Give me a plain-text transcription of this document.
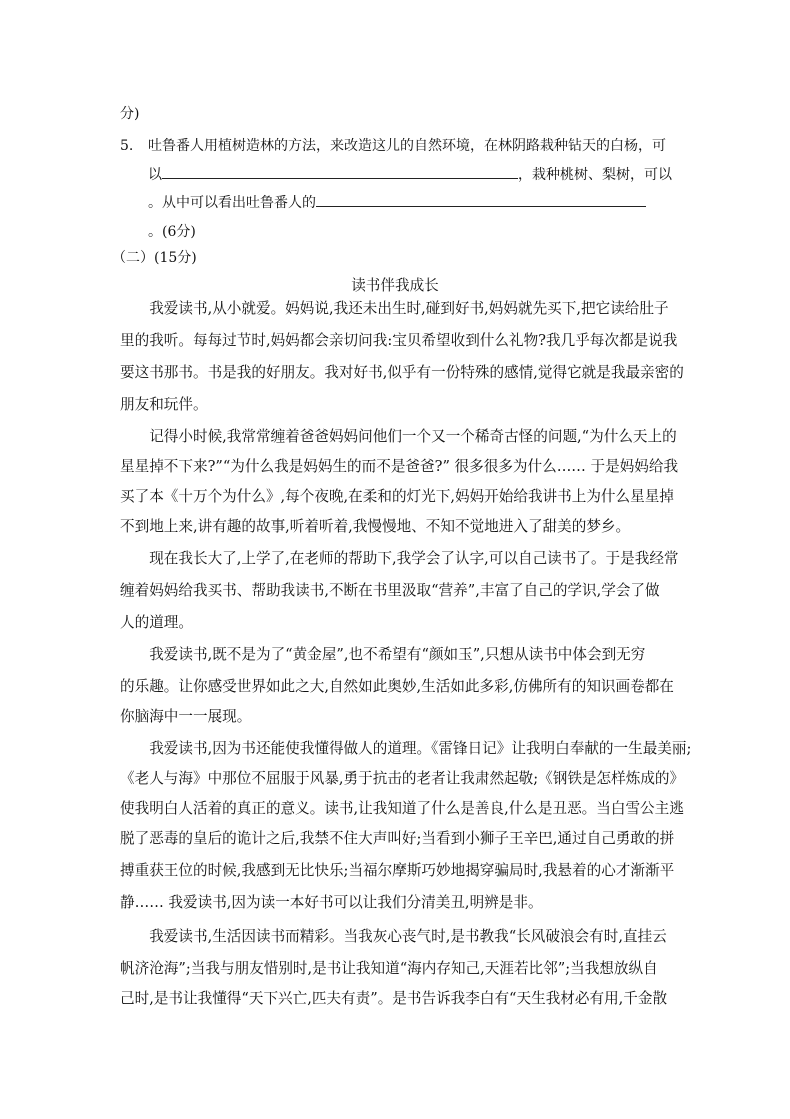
分)
5. 吐鲁番人用植树造林的方法，来改造这儿的自然环境，在林阴路栽种钻天的白杨，可
以	，栽种桃树、梨树，可以
。从中可以看出吐鲁番人的
。(6分)
（二）(15分)
读书伴我成长
　　我爱读书,从小就爱。妈妈说,我还未出生时,碰到好书,妈妈就先买下,把它读给肚子
里的我听。每每过节时,妈妈都会亲切问我:宝贝希望收到什么礼物?我几乎每次都是说我
要这书那书。书是我的好朋友。我对好书,似乎有一份特殊的感情,觉得它就是我最亲密的
朋友和玩伴。
　　记得小时候,我常常缠着爸爸妈妈问他们一个又一个稀奇古怪的问题,“为什么天上的
星星掉不下来?”“为什么我是妈妈生的而不是爸爸?” 很多很多为什么…… 于是妈妈给我
买了本《十万个为什么》,每个夜晚,在柔和的灯光下,妈妈开始给我讲书上为什么星星掉
不到地上来,讲有趣的故事,听着听着,我慢慢地、不知不觉地进入了甜美的梦乡。
　　现在我长大了,上学了,在老师的帮助下,我学会了认字,可以自己读书了。于是我经常
缠着妈妈给我买书、帮助我读书,不断在书里汲取“营养”,丰富了自己的学识,学会了做
人的道理。
　　我爱读书,既不是为了“黄金屋”,也不希望有“颜如玉”,只想从读书中体会到无穷
的乐趣。让你感受世界如此之大,自然如此奥妙,生活如此多彩,仿佛所有的知识画卷都在
你脑海中一一展现。
　　我爱读书,因为书还能使我懂得做人的道理。《雷锋日记》让我明白奉献的一生最美丽;
《老人与海》中那位不屈服于风暴,勇于抗击的老者让我肃然起敬;《钢铁是怎样炼成的》
使我明白人活着的真正的意义。读书,让我知道了什么是善良,什么是丑恶。当白雪公主逃
脱了恶毒的皇后的诡计之后,我禁不住大声叫好;当看到小狮子王辛巴,通过自己勇敢的拼
搏重获王位的时候,我感到无比快乐;当福尔摩斯巧妙地揭穿骗局时,我悬着的心才渐渐平
静…… 我爱读书,因为读一本好书可以让我们分清美丑,明辨是非。
　　我爱读书,生活因读书而精彩。当我灰心丧气时,是书教我“长风破浪会有时,直挂云
帆济沧海”;当我与朋友惜别时,是书让我知道“海内存知己,天涯若比邻”;当我想放纵自
己时,是书让我懂得“天下兴亡,匹夫有责”。是书告诉我李白有“天生我材必有用,千金散
